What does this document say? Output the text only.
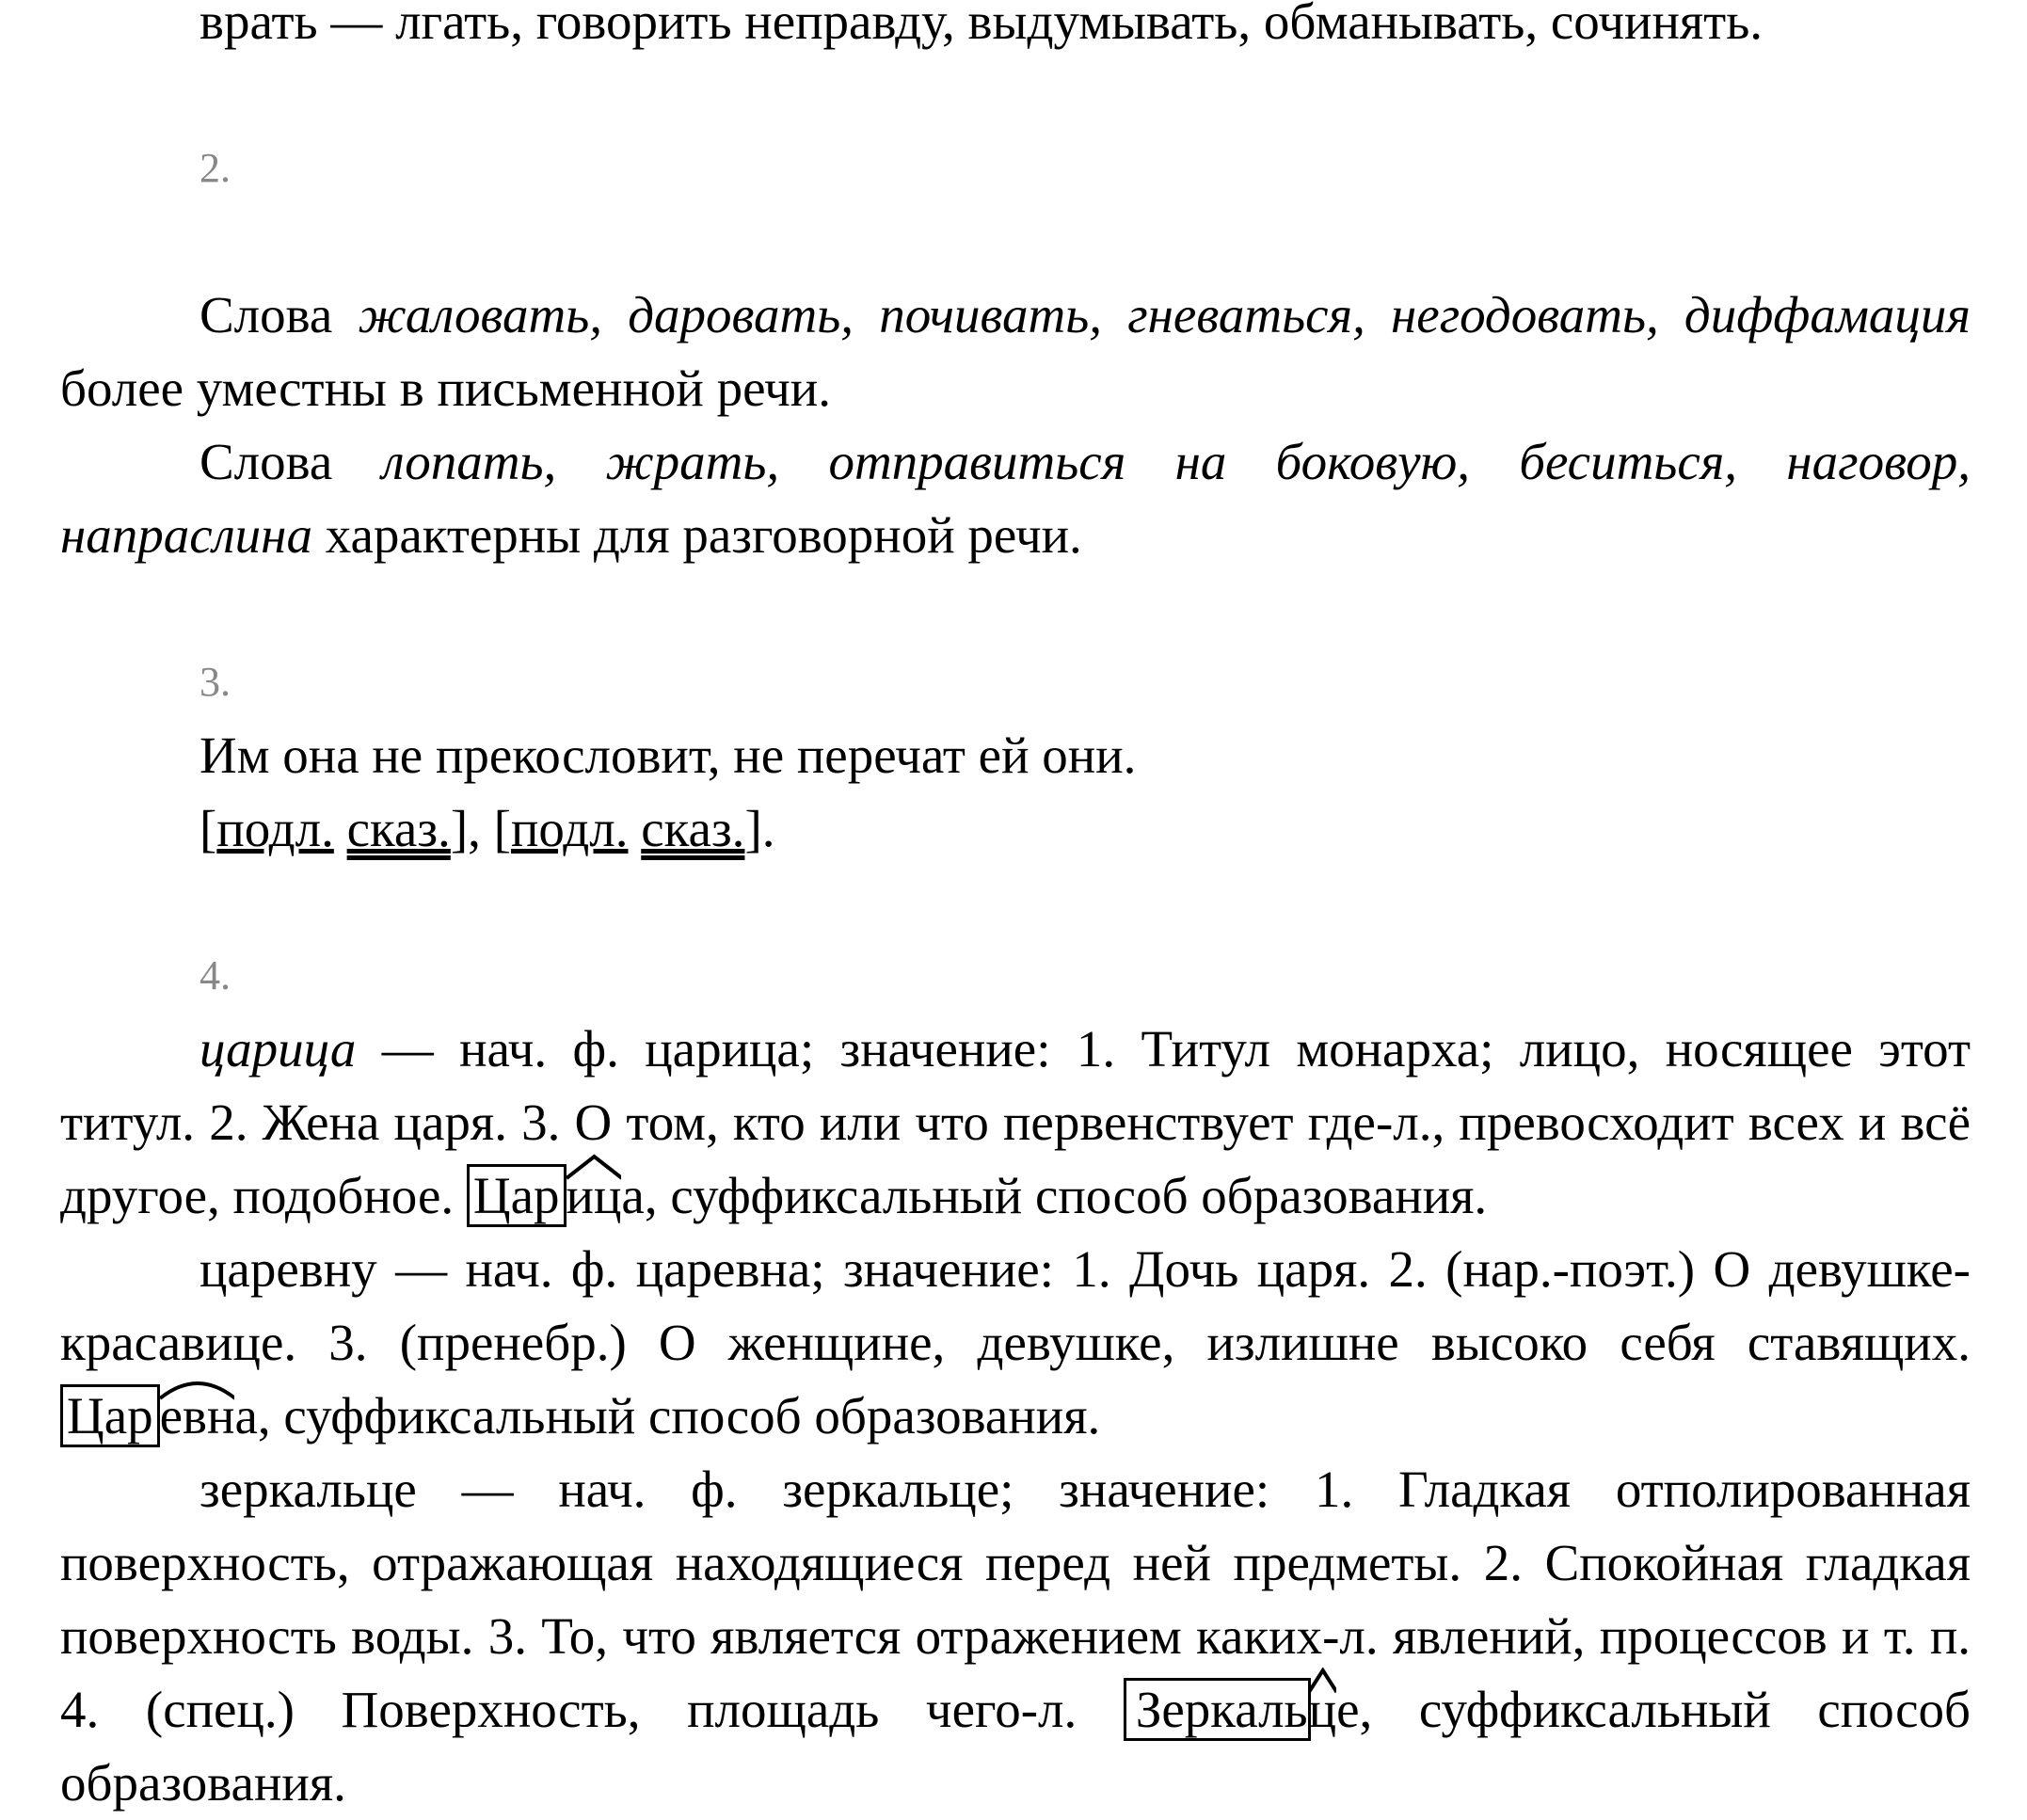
врать — лгать, говорить неправду, выдумывать, обманывать, сочинять.

2.

Слова жаловать, даровать, почивать, гневаться, негодовать, диффамация более уместны в письменной речи.

Слова лопать, жрать, отправиться на боковую, беситься, наговор, напраслина характерны для разговорной речи.

3.

Им она не прекословит, не перечат ей они.

[подл. сказ.], [подл. сказ.].

4.

царица — нач. ф. царица; значение: 1. Титул монарха; лицо, носящее этот титул. 2. Жена царя. 3. О том, кто или что первенствует где-л., превосходит всех и всё другое, подобное. Цар иц
а, суффиксальный способ образования.

царевну — нач. ф. царевна; значение: 1. Дочь царя. 2. (нар.-поэт.) О девушке-красавице. 3. (пренебр.) О женщине, девушке, излишне высоко себя ставящих. Цар евн
а, суффиксальный способ образования.

зеркальце — нач. ф. зеркальце; значение: 1. Гладкая отполированная поверхность, отражающая находящиеся перед ней предметы. 2. Спокойная гладкая поверхность воды. 3. То, что является отражением каких-л. явлений, процессов и т. п. 4. (спец.) Поверхность, площадь чего-л. Зеркальц
е, суффиксальный способ образования.
